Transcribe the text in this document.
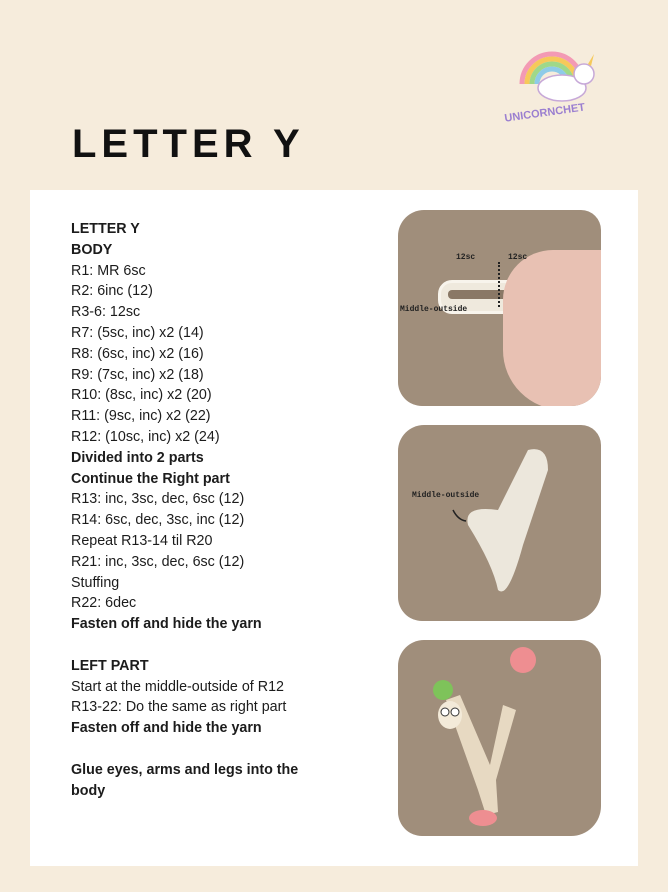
LETTER Y
UNICORNCHET
LETTER Y
BODY
R1: MR 6sc
R2: 6inc (12)
R3-6: 12sc
R7: (5sc, inc) x2 (14)
R8: (6sc, inc) x2 (16)
R9: (7sc, inc) x2 (18)
R10: (8sc, inc) x2 (20)
R11: (9sc, inc) x2 (22)
R12: (10sc, inc) x2 (24)
Divided into 2 parts
Continue the Right part
R13: inc, 3sc, dec, 6sc (12)
R14: 6sc, dec, 3sc, inc (12)
Repeat R13-14 til R20
R21: inc, 3sc, dec, 6sc (12)
Stuffing
R22: 6dec
Fasten off and hide the yarn
LEFT PART
Start at the middle-outside of R12
R13-22: Do the same as right part
Fasten off and hide the yarn
Glue eyes, arms and legs into the
body
12sc	12sc
Middle-outside
Middle-outside
